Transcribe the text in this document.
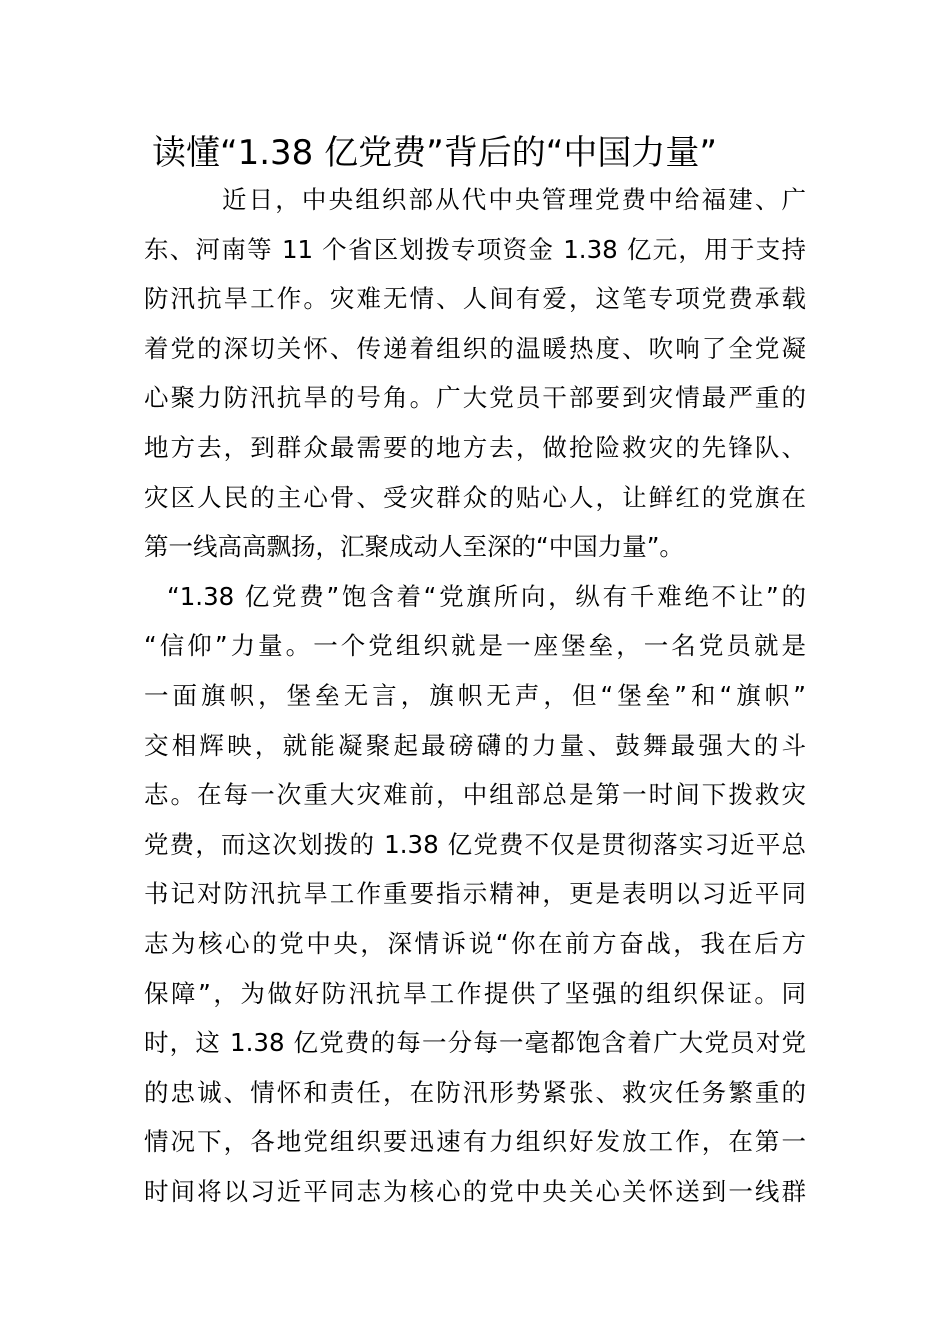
读懂“1.38 亿党费”背后的“中国力量”
近日，中央组织部从代中央管理党费中给福建、广
东、河南等 11 个省区划拨专项资金 1.38 亿元，用于支持
防汛抗旱工作。灾难无情、人间有爱，这笔专项党费承载
着党的深切关怀、传递着组织的温暖热度、吹响了全党凝
心聚力防汛抗旱的号角。广大党员干部要到灾情最严重的
地方去，到群众最需要的地方去，做抢险救灾的先锋队、
灾区人民的主心骨、受灾群众的贴心人，让鲜红的党旗在
第一线高高飘扬，汇聚成动人至深的“中国力量”。
“1.38 亿党费”饱含着“党旗所向，纵有千难绝不让”的
“信仰”力量。一个党组织就是一座堡垒，一名党员就是
一面旗帜，堡垒无言，旗帜无声，但“堡垒”和“旗帜”
交相辉映，就能凝聚起最磅礴的力量、鼓舞最强大的斗
志。在每一次重大灾难前，中组部总是第一时间下拨救灾
党费，而这次划拨的 1.38 亿党费不仅是贯彻落实习近平总
书记对防汛抗旱工作重要指示精神，更是表明以习近平同
志为核心的党中央，深情诉说“你在前方奋战，我在后方
保障”，为做好防汛抗旱工作提供了坚强的组织保证。同
时，这 1.38 亿党费的每一分每一毫都饱含着广大党员对党
的忠诚、情怀和责任，在防汛形势紧张、救灾任务繁重的
情况下，各地党组织要迅速有力组织好发放工作，在第一
时间将以习近平同志为核心的党中央关心关怀送到一线群
